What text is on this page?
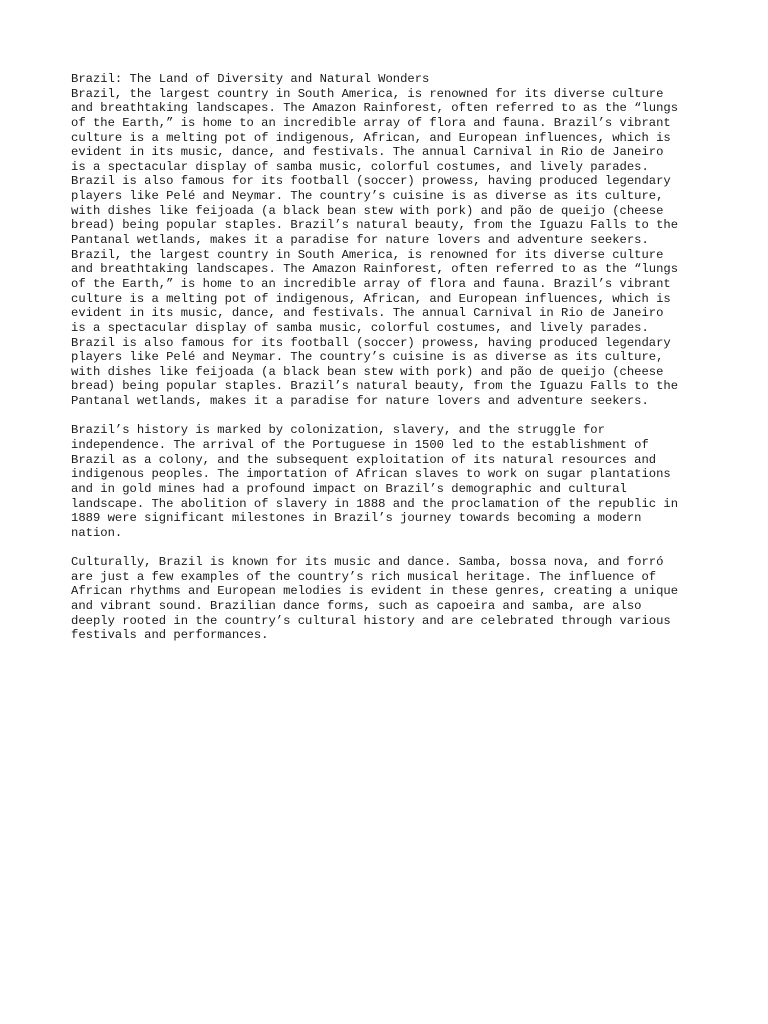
Brazil: The Land of Diversity and Natural Wonders
Brazil, the largest country in South America, is renowned for its diverse culture
and breathtaking landscapes. The Amazon Rainforest, often referred to as the “lungs
of the Earth,” is home to an incredible array of flora and fauna. Brazil’s vibrant
culture is a melting pot of indigenous, African, and European influences, which is
evident in its music, dance, and festivals. The annual Carnival in Rio de Janeiro
is a spectacular display of samba music, colorful costumes, and lively parades.
Brazil is also famous for its football (soccer) prowess, having produced legendary
players like Pelé and Neymar. The country’s cuisine is as diverse as its culture,
with dishes like feijoada (a black bean stew with pork) and pão de queijo (cheese
bread) being popular staples. Brazil’s natural beauty, from the Iguazu Falls to the
Pantanal wetlands, makes it a paradise for nature lovers and adventure seekers.
Brazil, the largest country in South America, is renowned for its diverse culture
and breathtaking landscapes. The Amazon Rainforest, often referred to as the “lungs
of the Earth,” is home to an incredible array of flora and fauna. Brazil’s vibrant
culture is a melting pot of indigenous, African, and European influences, which is
evident in its music, dance, and festivals. The annual Carnival in Rio de Janeiro
is a spectacular display of samba music, colorful costumes, and lively parades.
Brazil is also famous for its football (soccer) prowess, having produced legendary
players like Pelé and Neymar. The country’s cuisine is as diverse as its culture,
with dishes like feijoada (a black bean stew with pork) and pão de queijo (cheese
bread) being popular staples. Brazil’s natural beauty, from the Iguazu Falls to the
Pantanal wetlands, makes it a paradise for nature lovers and adventure seekers.
Brazil’s history is marked by colonization, slavery, and the struggle for
independence. The arrival of the Portuguese in 1500 led to the establishment of
Brazil as a colony, and the subsequent exploitation of its natural resources and
indigenous peoples. The importation of African slaves to work on sugar plantations
and in gold mines had a profound impact on Brazil’s demographic and cultural
landscape. The abolition of slavery in 1888 and the proclamation of the republic in
1889 were significant milestones in Brazil’s journey towards becoming a modern
nation.
Culturally, Brazil is known for its music and dance. Samba, bossa nova, and forró
are just a few examples of the country’s rich musical heritage. The influence of
African rhythms and European melodies is evident in these genres, creating a unique
and vibrant sound. Brazilian dance forms, such as capoeira and samba, are also
deeply rooted in the country’s cultural history and are celebrated through various
festivals and performances.
